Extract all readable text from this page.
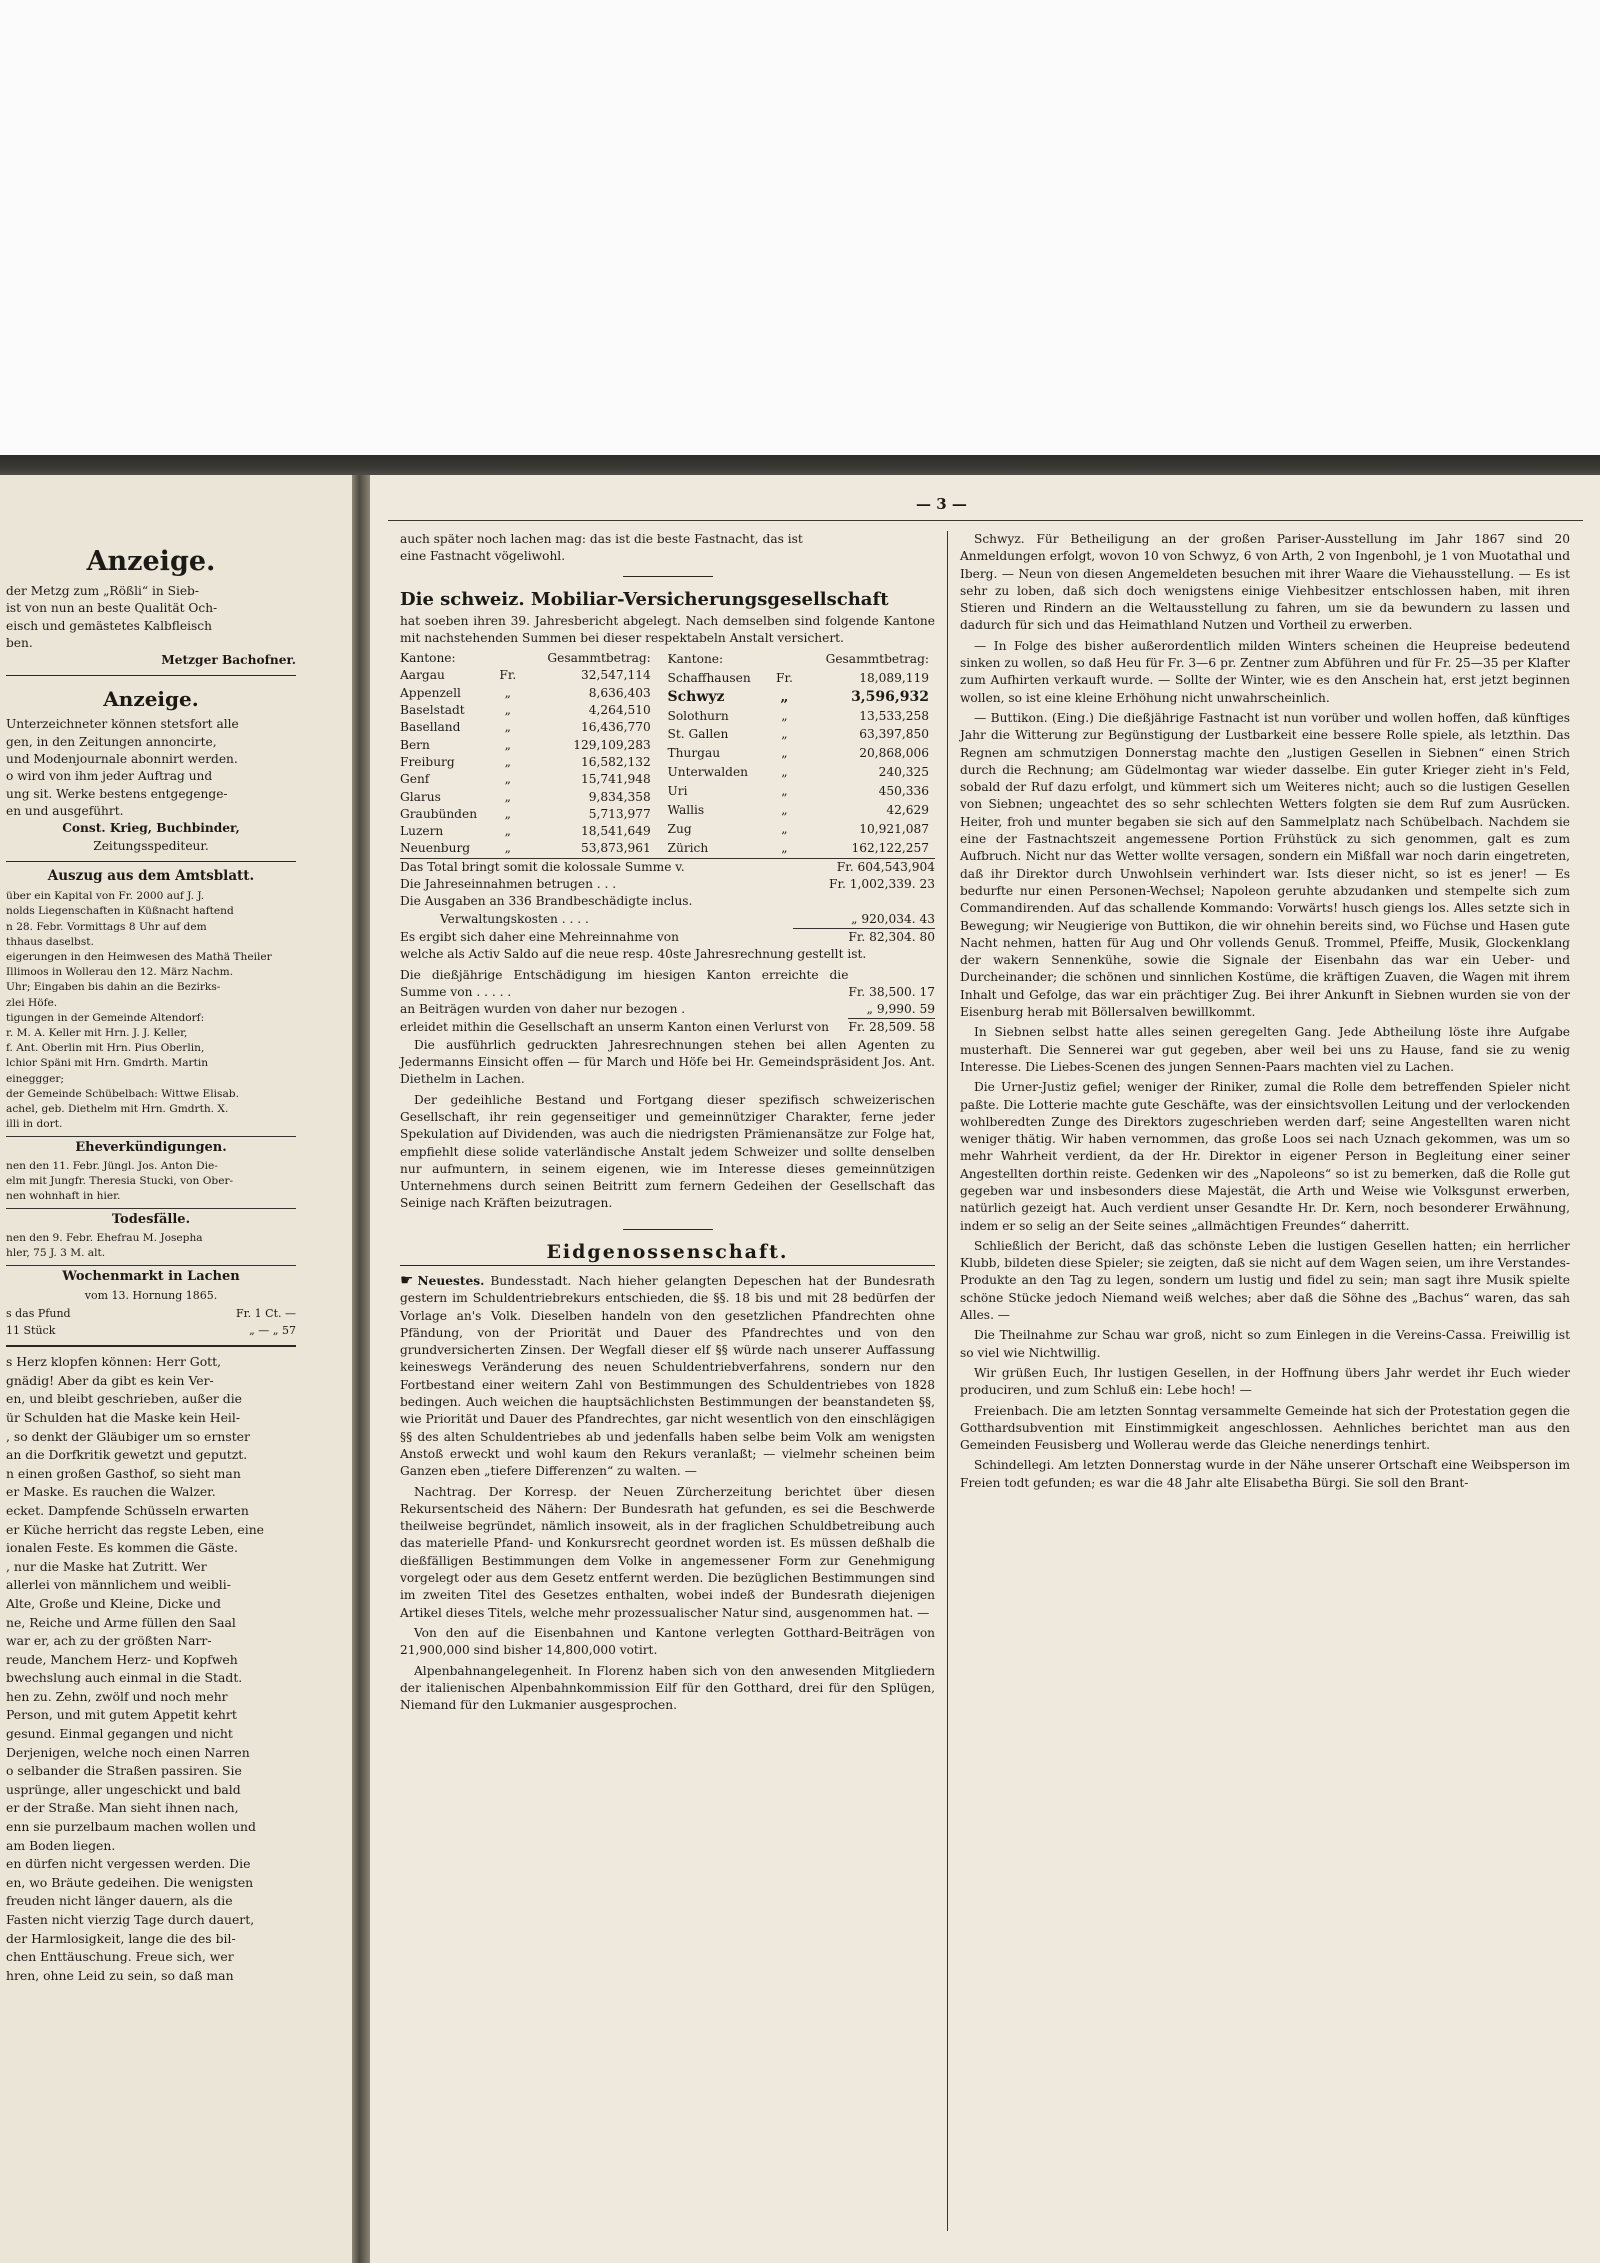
Anzeige.
der Metzg zum „Rößli“ in Sieb-
ist von nun an beste Qualität Och-
eisch und gemästetes Kalbfleisch
ben.
Metzger Bachofner.
Anzeige.
Unterzeichneter können stetsfort alle
gen, in den Zeitungen annoncirte,
und Modenjournale abonnirt werden.
o wird von ihm jeder Auftrag und
ung sit. Werke bestens entgegenge-
en und ausgeführt.
Const. Krieg, Buchbinder,
Zeitungsspediteur.
Auszug aus dem Amtsblatt.
über ein Kapital von Fr. 2000 auf J. J.
nolds Liegenschaften in Küßnacht haftend
n 28. Febr. Vormittags 8 Uhr auf dem
thhaus daselbst.
eigerungen in den Heimwesen des Mathä Theiler
Illimoos in Wollerau den 12. März Nachm.
Uhr; Eingaben bis dahin an die Bezirks-
zlei Höfe.
tigungen in der Gemeinde Altendorf:
r. M. A. Keller mit Hrn. J. J. Keller,
f. Ant. Oberlin mit Hrn. Pius Oberlin,
lchior Späni mit Hrn. Gmdrth. Martin
eineggger;
der Gemeinde Schübelbach: Wittwe Elisab.
achel, geb. Diethelm mit Hrn. Gmdrth. X.
illi in dort.
Eheverkündigungen.
nen den 11. Febr. Jüngl. Jos. Anton Die-
elm mit Jungfr. Theresia Stucki, von Ober-
nen wohnhaft in hier.
Todesfälle.
nen den 9. Febr. Ehefrau M. Josepha
hler, 75 J. 3 M. alt.
Wochenmarkt in Lachen
vom 13. Hornung 1865.
s das Pfund	Fr. 1 Ct. —
11 Stück	„ — „ 57
s Herz klopfen können: Herr Gott,
gnädig! Aber da gibt es kein Ver-
en, und bleibt geschrieben, außer die
ür Schulden hat die Maske kein Heil-
, so denkt der Gläubiger um so ernster
an die Dorfkritik gewetzt und geputzt.
n einen großen Gasthof, so sieht man
er Maske. Es rauchen die Walzer.
ecket. Dampfende Schüsseln erwarten
er Küche herricht das regste Leben, eine
ionalen Feste. Es kommen die Gäste.
, nur die Maske hat Zutritt. Wer
allerlei von männlichem und weibli-
Alte, Große und Kleine, Dicke und
ne, Reiche und Arme füllen den Saal
war er, ach zu der größten Narr-
reude, Manchem Herz- und Kopfweh
bwechslung auch einmal in die Stadt.
hen zu. Zehn, zwölf und noch mehr
Person, und mit gutem Appetit kehrt
gesund. Einmal gegangen und nicht
Derjenigen, welche noch einen Narren
o selbander die Straßen passiren. Sie
usprünge, aller ungeschickt und bald
er der Straße. Man sieht ihnen nach,
enn sie purzelbaum machen wollen und
am Boden liegen.
en dürfen nicht vergessen werden. Die
en, wo Bräute gedeihen. Die wenigsten
freuden nicht länger dauern, als die
Fasten nicht vierzig Tage durch dauert,
der Harmlosigkeit, lange die des bil-
chen Enttäuschung. Freue sich, wer
hren, ohne Leid zu sein, so daß man
— 3 —
auch später noch lachen mag: das ist die beste Fastnacht, das ist
eine Fastnacht vögeliwohl.
Die schweiz. Mobiliar-Versicherungsgesellschaft

hat soeben ihren 39. Jahresbericht abgelegt. Nach demselben sind folgende Kantone mit nachstehenden Summen bei dieser respektabeln Anstalt versichert.

Kantone:		Gesammtbetrag:
Aargau	Fr.	32,547,114
Appenzell	„	8,636,403
Baselstadt	„	4,264,510
Baselland	„	16,436,770
Bern	„	129,109,283
Freiburg	„	16,582,132
Genf	„	15,741,948
Glarus	„	9,834,358
Graubünden	„	5,713,977
Luzern	„	18,541,649
Neuenburg	„	53,873,961
Kantone:		Gesammtbetrag:
Schaffhausen	Fr.	18,089,119
Schwyz	„	3,596,932
Solothurn	„	13,533,258
St. Gallen	„	63,397,850
Thurgau	„	20,868,006
Unterwalden	„	240,325
Uri	„	450,336
Wallis	„	42,629
Zug	„	10,921,087
Zürich	„	162,122,257
Das Total bringt somit die kolossale Summe v.	Fr. 604,543,904
Die Jahreseinnahmen betrugen . . .	Fr. 1,002,339. 23
Die Ausgaben an 336 Brandbeschädigte inclus.	
Verwaltungskosten . . . .	„ 920,034. 43
Es ergibt sich daher eine Mehreinnahme von	Fr. 82,304. 80

welche als Activ Saldo auf die neue resp. 40ste Jahresrechnung gestellt ist.

Die dießjährige Entschädigung im hiesigen Kanton erreichte die Summe von . . . . .	Fr. 38,500. 17
an Beiträgen wurden von daher nur bezogen .	„ 9,990. 59
erleidet mithin die Gesellschaft an unserm Kanton einen Verlurst von	Fr. 28,509. 58

Die ausführlich gedruckten Jahresrechnungen stehen bei allen Agenten zu Jedermanns Einsicht offen — für March und Höfe bei Hr. Gemeindspräsident Jos. Ant. Diethelm in Lachen.

Der gedeihliche Bestand und Fortgang dieser spezifisch schweizerischen Gesellschaft, ihr rein gegenseitiger und gemeinnütziger Charakter, ferne jeder Spekulation auf Dividenden, was auch die niedrigsten Prämienansätze zur Folge hat, empfiehlt diese solide vaterländische Anstalt jedem Schweizer und sollte denselben nur aufmuntern, in seinem eigenen, wie im Interesse dieses gemeinnützigen Unternehmens durch seinen Beitritt zum fernern Gedeihen der Gesellschaft das Seinige nach Kräften beizutragen.

Eidgenossenschaft.

☛ Neuestes. Bundesstadt. Nach hieher gelangten Depeschen hat der Bundesrath gestern im Schuldentriebrekurs entschieden, die §§. 18 bis und mit 28 bedürfen der Vorlage an's Volk. Dieselben handeln von den gesetzlichen Pfandrechten ohne Pfändung, von der Priorität und Dauer des Pfandrechtes und von den grundversicherten Zinsen. Der Wegfall dieser elf §§ würde nach unserer Auffassung keineswegs Veränderung des neuen Schuldentriebverfahrens, sondern nur den Fortbestand einer weitern Zahl von Bestimmungen des Schuldentriebes von 1828 bedingen. Auch weichen die hauptsächlichsten Bestimmungen der beanstandeten §§, wie Priorität und Dauer des Pfandrechtes, gar nicht wesentlich von den einschlägigen §§ des alten Schuldentriebes ab und jedenfalls haben selbe beim Volk am wenigsten Anstoß erweckt und wohl kaum den Rekurs veranlaßt; — vielmehr scheinen beim Ganzen eben „tiefere Differenzen“ zu walten. —

Nachtrag. Der Korresp. der Neuen Zürcherzeitung berichtet über diesen Rekursentscheid des Nähern: Der Bundesrath hat gefunden, es sei die Beschwerde theilweise begründet, nämlich insoweit, als in der fraglichen Schuldbetreibung auch das materielle Pfand- und Konkursrecht geordnet worden ist. Es müssen deßhalb die dießfälligen Bestimmungen dem Volke in angemessener Form zur Genehmigung vorgelegt oder aus dem Gesetz entfernt werden. Die bezüglichen Bestimmungen sind im zweiten Titel des Gesetzes enthalten, wobei indeß der Bundesrath diejenigen Artikel dieses Titels, welche mehr prozessualischer Natur sind, ausgenommen hat. —

Von den auf die Eisenbahnen und Kantone verlegten Gotthard-Beiträgen von 21,900,000 sind bisher 14,800,000 votirt.

Alpenbahnangelegenheit. In Florenz haben sich von den anwesenden Mitgliedern der italienischen Alpenbahnkommission Eilf für den Gotthard, drei für den Splügen, Niemand für den Lukmanier ausgesprochen.

Schwyz. Für Betheiligung an der großen Pariser-Ausstellung im Jahr 1867 sind 20 Anmeldungen erfolgt, wovon 10 von Schwyz, 6 von Arth, 2 von Ingenbohl, je 1 von Muotathal und Iberg. — Neun von diesen Angemeldeten besuchen mit ihrer Waare die Viehausstellung. — Es ist sehr zu loben, daß sich doch wenigstens einige Viehbesitzer entschlossen haben, mit ihren Stieren und Rindern an die Weltausstellung zu fahren, um sie da bewundern zu lassen und dadurch für sich und das Heimathland Nutzen und Vortheil zu erwerben.

— In Folge des bisher außerordentlich milden Winters scheinen die Heupreise bedeutend sinken zu wollen, so daß Heu für Fr. 3—6 pr. Zentner zum Abführen und für Fr. 25—35 per Klafter zum Aufhirten verkauft wurde. — Sollte der Winter, wie es den Anschein hat, erst jetzt beginnen wollen, so ist eine kleine Erhöhung nicht unwahrscheinlich.

— Buttikon. (Eing.) Die dießjährige Fastnacht ist nun vorüber und wollen hoffen, daß künftiges Jahr die Witterung zur Begünstigung der Lustbarkeit eine bessere Rolle spiele, als letzthin. Das Regnen am schmutzigen Donnerstag machte den „lustigen Gesellen in Siebnen“ einen Strich durch die Rechnung; am Güdelmontag war wieder dasselbe. Ein guter Krieger zieht in's Feld, sobald der Ruf dazu erfolgt, und kümmert sich um Weiteres nicht; auch so die lustigen Gesellen von Siebnen; ungeachtet des so sehr schlechten Wetters folgten sie dem Ruf zum Ausrücken. Heiter, froh und munter begaben sie sich auf den Sammelplatz nach Schübelbach. Nachdem sie eine der Fastnachtszeit angemessene Portion Frühstück zu sich genommen, galt es zum Aufbruch. Nicht nur das Wetter wollte versagen, sondern ein Mißfall war noch darin eingetreten, daß ihr Direktor durch Unwohlsein verhindert war. Ists dieser nicht, so ist es jener! — Es bedurfte nur einen Personen-Wechsel; Napoleon geruhte abzudanken und stempelte sich zum Commandirenden. Auf das schallende Kommando: Vorwärts! husch giengs los. Alles setzte sich in Bewegung; wir Neugierige von Buttikon, die wir ohnehin bereits sind, wo Füchse und Hasen gute Nacht nehmen, hatten für Aug und Ohr vollends Genuß. Trommel, Pfeiffe, Musik, Glockenklang der wakern Sennenkühe, sowie die Signale der Eisenbahn das war ein Ueber- und Durcheinander; die schönen und sinnlichen Kostüme, die kräftigen Zuaven, die Wagen mit ihrem Inhalt und Gefolge, das war ein prächtiger Zug. Bei ihrer Ankunft in Siebnen wurden sie von der Eisenburg herab mit Böllersalven bewillkommt.

In Siebnen selbst hatte alles seinen geregelten Gang. Jede Abtheilung löste ihre Aufgabe musterhaft. Die Sennerei war gut gegeben, aber weil bei uns zu Hause, fand sie zu wenig Interesse. Die Liebes-Scenen des jungen Sennen-Paars machten viel zu Lachen.

Die Urner-Justiz gefiel; weniger der Riniker, zumal die Rolle dem betreffenden Spieler nicht paßte. Die Lotterie machte gute Geschäfte, was der einsichtsvollen Leitung und der verlockenden wohlberedten Zunge des Direktors zugeschrieben werden darf; seine Angestellten waren nicht weniger thätig. Wir haben vernommen, das große Loos sei nach Uznach gekommen, was um so mehr Wahrheit verdient, da der Hr. Direktor in eigener Person in Begleitung einer seiner Angestellten dorthin reiste. Gedenken wir des „Napoleons“ so ist zu bemerken, daß die Rolle gut gegeben war und insbesonders diese Majestät, die Arth und Weise wie Volksgunst erwerben, natürlich gezeigt hat. Auch verdient unser Gesandte Hr. Dr. Kern, noch besonderer Erwähnung, indem er so selig an der Seite seines „allmächtigen Freundes“ daherritt.

Schließlich der Bericht, daß das schönste Leben die lustigen Gesellen hatten; ein herrlicher Klubb, bildeten diese Spieler; sie zeigten, daß sie nicht auf dem Wagen seien, um ihre Verstandes-Produkte an den Tag zu legen, sondern um lustig und fidel zu sein; man sagt ihre Musik spielte schöne Stücke jedoch Niemand weiß welches; aber daß die Söhne des „Bachus“ waren, das sah Alles. —

Die Theilnahme zur Schau war groß, nicht so zum Einlegen in die Vereins-Cassa. Freiwillig ist so viel wie Nichtwillig.

Wir grüßen Euch, Ihr lustigen Gesellen, in der Hoffnung übers Jahr werdet ihr Euch wieder produciren, und zum Schluß ein: Lebe hoch! —

Freienbach. Die am letzten Sonntag versammelte Gemeinde hat sich der Protestation gegen die Gotthardsubvention mit Einstimmigkeit angeschlossen. Aehnliches berichtet man aus den Gemeinden Feusisberg und Wollerau werde das Gleiche nenerdings tenhirt.

Schindellegi. Am letzten Donnerstag wurde in der Nähe unserer Ortschaft eine Weibsperson im Freien todt gefunden; es war die 48 Jahr alte Elisabetha Bürgi. Sie soll den Brant-
